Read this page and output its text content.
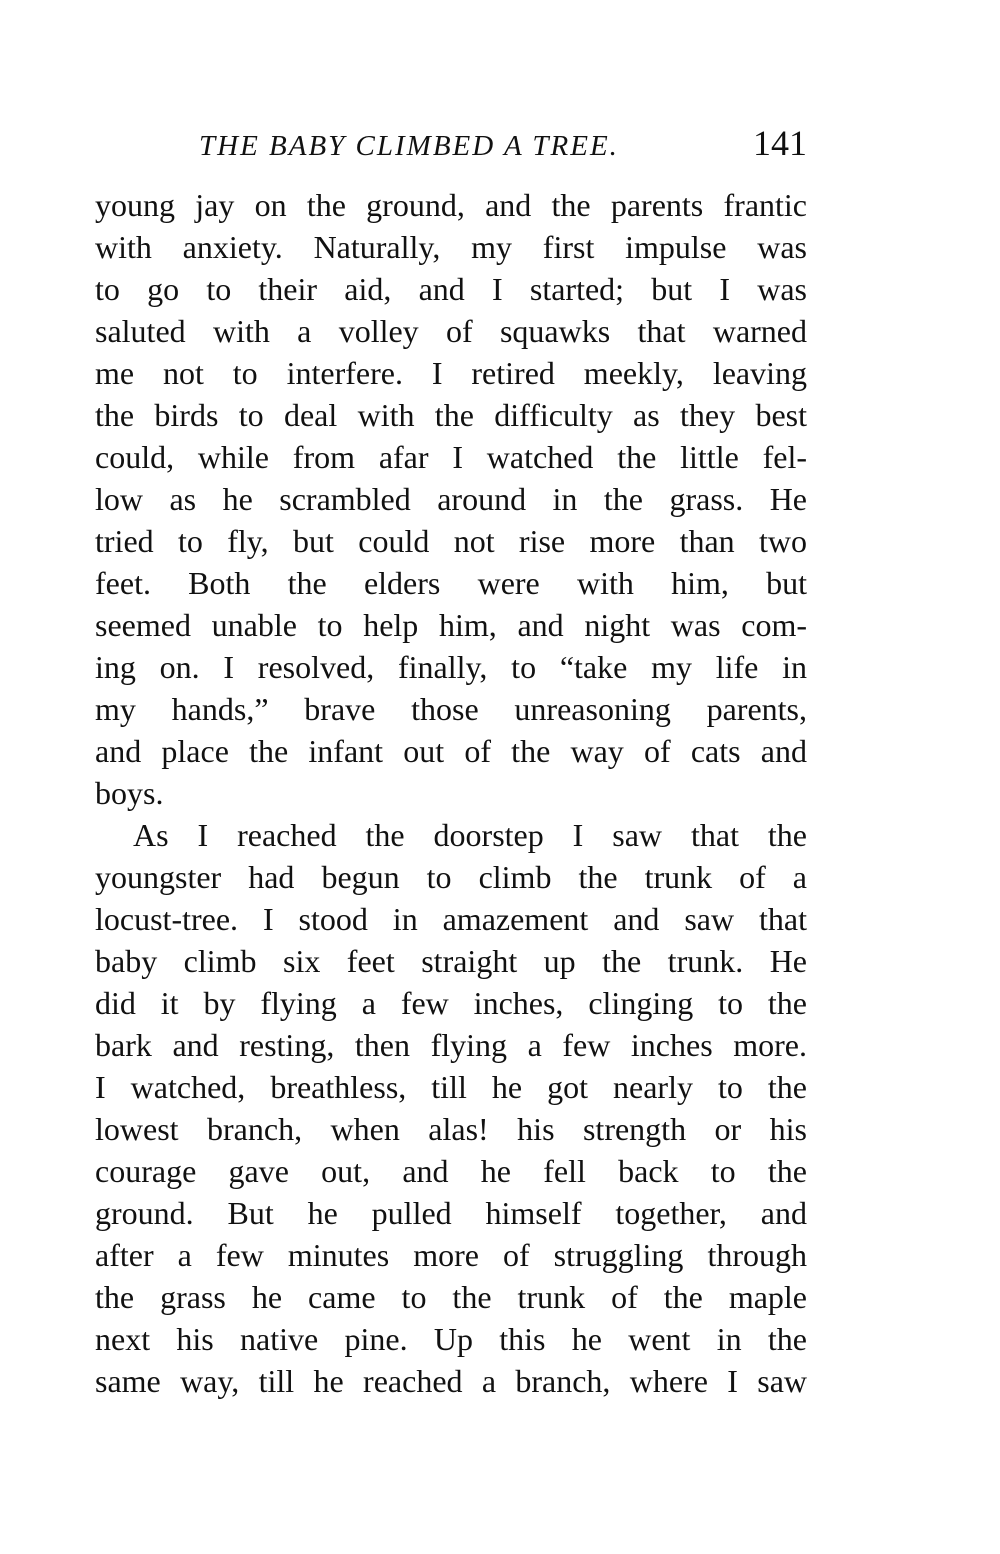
THE BABY CLIMBED A TREE.	141
young jay on the ground, and the parents frantic
with anxiety. Naturally, my first impulse was
to go to their aid, and I started; but I was
saluted with a volley of squawks that warned
me not to interfere. I retired meekly, leaving
the birds to deal with the difficulty as they best
could, while from afar I watched the little fel-
low as he scrambled around in the grass. He
tried to fly, but could not rise more than two
feet. Both the elders were with him, but
seemed unable to help him, and night was com-
ing on. I resolved, finally, to “take my life in
my hands,” brave those unreasoning parents,
and place the infant out of the way of cats and
boys.
As I reached the doorstep I saw that the
youngster had begun to climb the trunk of a
locust-tree. I stood in amazement and saw that
baby climb six feet straight up the trunk. He
did it by flying a few inches, clinging to the
bark and resting, then flying a few inches more.
I watched, breathless, till he got nearly to the
lowest branch, when alas! his strength or his
courage gave out, and he fell back to the
ground. But he pulled himself together, and
after a few minutes more of struggling through
the grass he came to the trunk of the maple
next his native pine. Up this he went in the
same way, till he reached a branch, where I saw
